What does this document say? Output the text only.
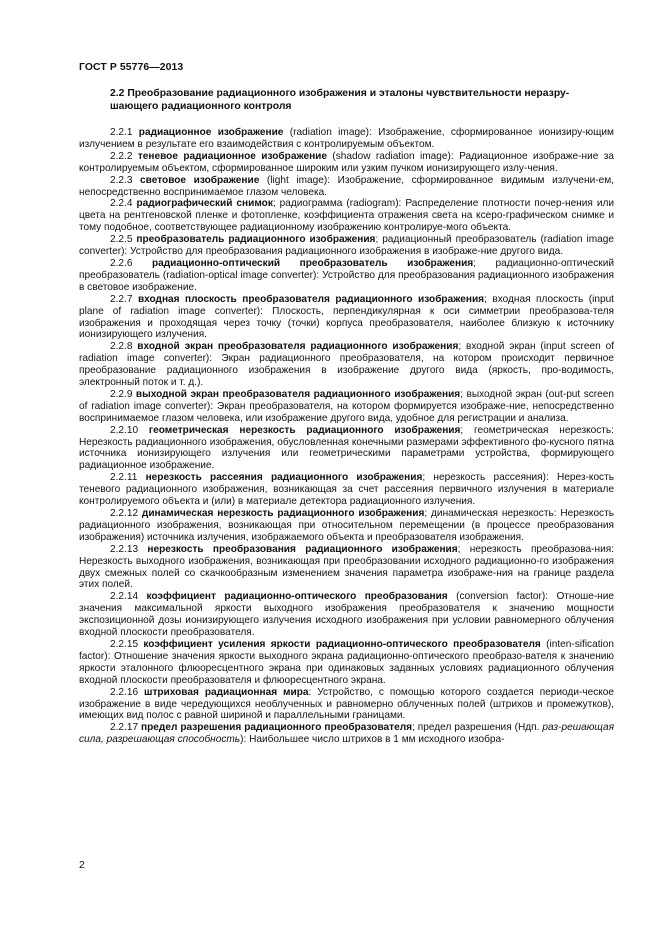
ГОСТ Р 55776—2013
2.2 Преобразование радиационного изображения и эталоны чувствительности неразру-
шающего радиационного контроля

2.2.1 радиационное изображение (radiation image): Изображение, сформированное ионизиру-ющим излучением в результате его взаимодействия с контролируемым объектом.

2.2.2 теневое радиационное изображение (shadow radiation image): Радиационное изображе-ние за контролируемым объектом, сформированное широким или узким пучком ионизирующего излу-чения.

2.2.3 световое изображение (light image): Изображение, сформированное видимым излучени-ем, непосредственно воспринимаемое глазом человека.

2.2.4 радиографический снимок; радиограмма (radiogram): Распределение плотности почер-нения или цвета на рентгеновской пленке и фотопленке, коэффициента отражения света на ксеро-графическом снимке и тому подобное, соответствующее радиационному изображению контролируе-мого объекта.

2.2.5 преобразователь радиационного изображения; радиационный преобразователь (radiation image converter): Устройство для преобразования радиационного изображения в изображе-ние другого вида.

2.2.6 радиационно-оптический преобразователь изображения; радиационно-оптический преобразователь (radiation-optical image converter): Устройство для преобразования радиационного изображения в световое изображение.

2.2.7 входная плоскость преобразователя радиационного изображения; входная плоскость (input plane of radiation image converter): Плоскость, перпендикулярная к оси симметрии преобразова-теля изображения и проходящая через точку (точки) корпуса преобразователя, наиболее близкую к источнику ионизирующего излучения.

2.2.8 входной экран преобразователя радиационного изображения; входной экран (input screen of radiation image converter): Экран радиационного преобразователя, на котором происходит первичное преобразование радиационного изображения в изображение другого вида (яркость, про-водимость, электронный поток и т. д.).

2.2.9 выходной экран преобразователя радиационного изображения; выходной экран (out-put screen of radiation image converter): Экран преобразователя, на котором формируется изображе-ние, непосредственно воспринимаемое глазом человека, или изображение другого вида, удобное для регистрации и анализа.

2.2.10 геометрическая нерезкость радиационного изображения; геометрическая нерезкость: Нерезкость радиационного изображения, обусловленная конечными размерами эффективного фо-кусного пятна источника ионизирующего излучения или геометрическими параметрами устройства, формирующего радиационное изображение.

2.2.11 нерезкость рассеяния радиационного изображения; нерезкость рассеяния): Нерез-кость теневого радиационного изображения, возникающая за счет рассеяния первичного излучения в материале контролируемого объекта и (или) в материале детектора радиационного излучения.

2.2.12 динамическая нерезкость радиационного изображения; динамическая нерезкость: Нерезкость радиационного изображения, возникающая при относительном перемещении (в процессе преобразования изображения) источника излучения, изображаемого объекта и преобразователя изображения.

2.2.13 нерезкость преобразования радиационного изображения; нерезкость преобразова-ния: Нерезкость выходного изображения, возникающая при преобразовании исходного радиационно-го изображения двух смежных полей со скачкообразным изменением значения параметра изображе-ния на границе раздела этих полей.

2.2.14 коэффициент радиационно-оптического преобразования (conversion factor): Отноше-ние значения максимальной яркости выходного изображения преобразователя к значению мощности экспозиционной дозы ионизирующего излучения исходного изображения при условии равномерного облучения входной плоскости преобразователя.

2.2.15 коэффициент усиления яркости радиационно-оптического преобразователя (inten-sification factor): Отношение значения яркости выходного экрана радиационно-оптического преобразо-вателя к значению яркости эталонного флюоресцентного экрана при одинаковых заданных условиях радиационного облучения входной плоскости преобразователя и флюоресцентного экрана.

2.2.16 штриховая радиационная мира: Устройство, с помощью которого создается периоди-ческое изображение в виде чередующихся необлученных и равномерно облученных полей (штрихов и промежутков), имеющих вид полос с равной шириной и параллельными границами.

2.2.17 предел разрешения радиационного преобразователя; предел разрешения (Ндп. раз-решающая сила, разрешающая способность): Наибольшее число штрихов в 1 мм исходного изобра-

2
